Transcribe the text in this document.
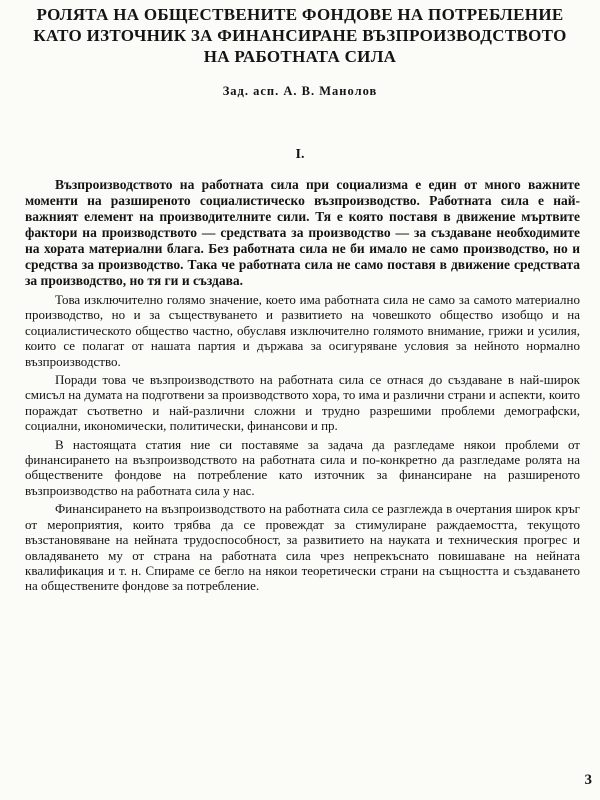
РОЛЯТА НА ОБЩЕСТВЕНИТЕ ФОНДОВЕ НА ПОТРЕБЛЕНИЕ
КАТО ИЗТОЧНИК ЗА ФИНАНСИРАНЕ ВЪЗПРОИЗВОДСТВОТО
НА РАБОТНАТА СИЛА
Зад. асп. А. В. Манолов
I.

Възпроизводството на работната сила при социализма е един от много важните моменти на разширеното социалистическо възпроизводство. Работната сила е най-важният елемент на производителните сили. Тя е която поставя в движение мъртвите фактори на производството — средствата за производство — за създаване необходимите на хората материални блага. Без работната сила не би имало не само производство, но и средства за производство. Така че работната сила не само поставя в движение средствата за производство, но тя ги и създава.

Това изключително голямо значение, което има работната сила не само за самото материално производство, но и за съществуването и развитието на човешкото общество изобщо и на социалистическото общество частно, обуславя изключително голямото внимание, грижи и усилия, които се полагат от нашата партия и държава за осигуряване условия за нейното нормално възпроизводство.

Поради това че възпроизводството на работната сила се отнася до създаване в най-широк смисъл на думата на подготвени за производството хора, то има и различни страни и аспекти, които пораждат съответно и най-различни сложни и трудно разрешими проблеми демографски, социални, икономически, политически, финансови и пр.

В настоящата статия ние си поставяме за задача да разгледаме някои проблеми от финансирането на възпроизводството на работната сила и по-конкретно да разгледаме ролята на обществените фондове на потребление като източник за финансиране на разширеното възпроизводство на работната сила у нас.

Финансирането на възпроизводството на работната сила се разглежда в очертания широк кръг от мероприятия, които трябва да се провеждат за стимулиране раждаемостта, текущото възстановяване на нейната трудоспособност, за развитието на науката и техническия прогрес и овладяването му от страна на работната сила чрез непрекъснато повишаване на нейната квалификация и т. н. Спираме се бегло на някои теоретически страни на същността и създаването на обществените фондове за потребление.

3
